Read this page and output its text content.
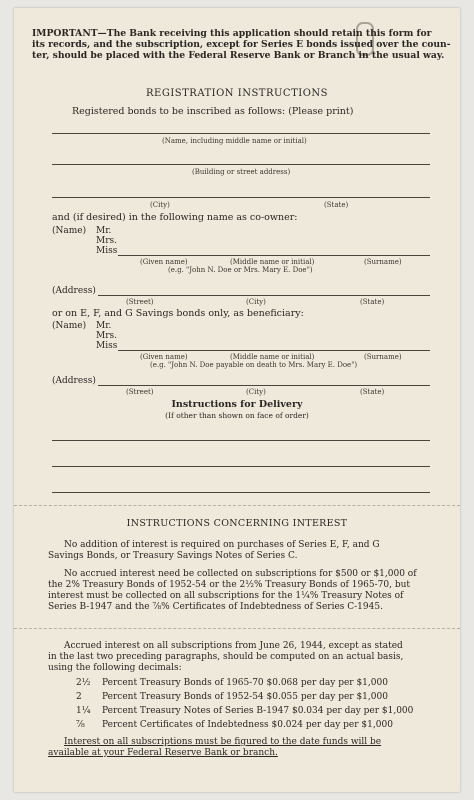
IMPORTANT—The Bank receiving this application should retain this form for
its records, and the subscription, except for Series E bonds issued over the coun-
ter, should be placed with the Federal Reserve Bank or Branch in the usual way.
REGISTRATION INSTRUCTIONS
Registered bonds to be inscribed as follows: (Please print)
(Name, including middle name or initial)
(Building or street address)
(City)	(State)
and (if desired) in the following name as co-owner:
(Name) Mr.
Mrs.
Miss
(Given name)	(Middle name or initial)	(Surname)
(e.g. "John N. Doe or Mrs. Mary E. Doe")
(Address)
(Street)	(City)	(State)
or on E, F, and G Savings bonds only, as beneficiary:
(Name) Mr.
Mrs.
Miss
(Given name)	(Middle name or initial)	(Surname)
(e.g. "John N. Doe payable on death to Mrs. Mary E. Doe")
(Address)
(Street)	(City)	(State)
Instructions for Delivery
(If other than shown on face of order)
INSTRUCTIONS CONCERNING INTEREST
No addition of interest is required on purchases of Series E, F, and G
Savings Bonds, or Treasury Savings Notes of Series C.
No accrued interest need be collected on subscriptions for $500 or $1,000 of
the 2% Treasury Bonds of 1952-54 or the 2½% Treasury Bonds of 1965-70, but
interest must be collected on all subscriptions for the 1¼% Treasury Notes of
Series B-1947 and the ⅞% Certificates of Indebtedness of Series C-1945.
Accrued interest on all subscriptions from June 26, 1944, except as stated
in the last two preceding paragraphs, should be computed on an actual basis,
using the following decimals:
2½ Percent Treasury Bonds of 1965-70 $0.068 per day per $1,000
2 Percent Treasury Bonds of 1952-54 $0.055 per day per $1,000
1¼ Percent Treasury Notes of Series B-1947 $0.034 per day per $1,000
⅞ Percent Certificates of Indebtedness $0.024 per day per $1,000
Interest on all subscriptions must be figured to the date funds will be
available at your Federal Reserve Bank or branch.
